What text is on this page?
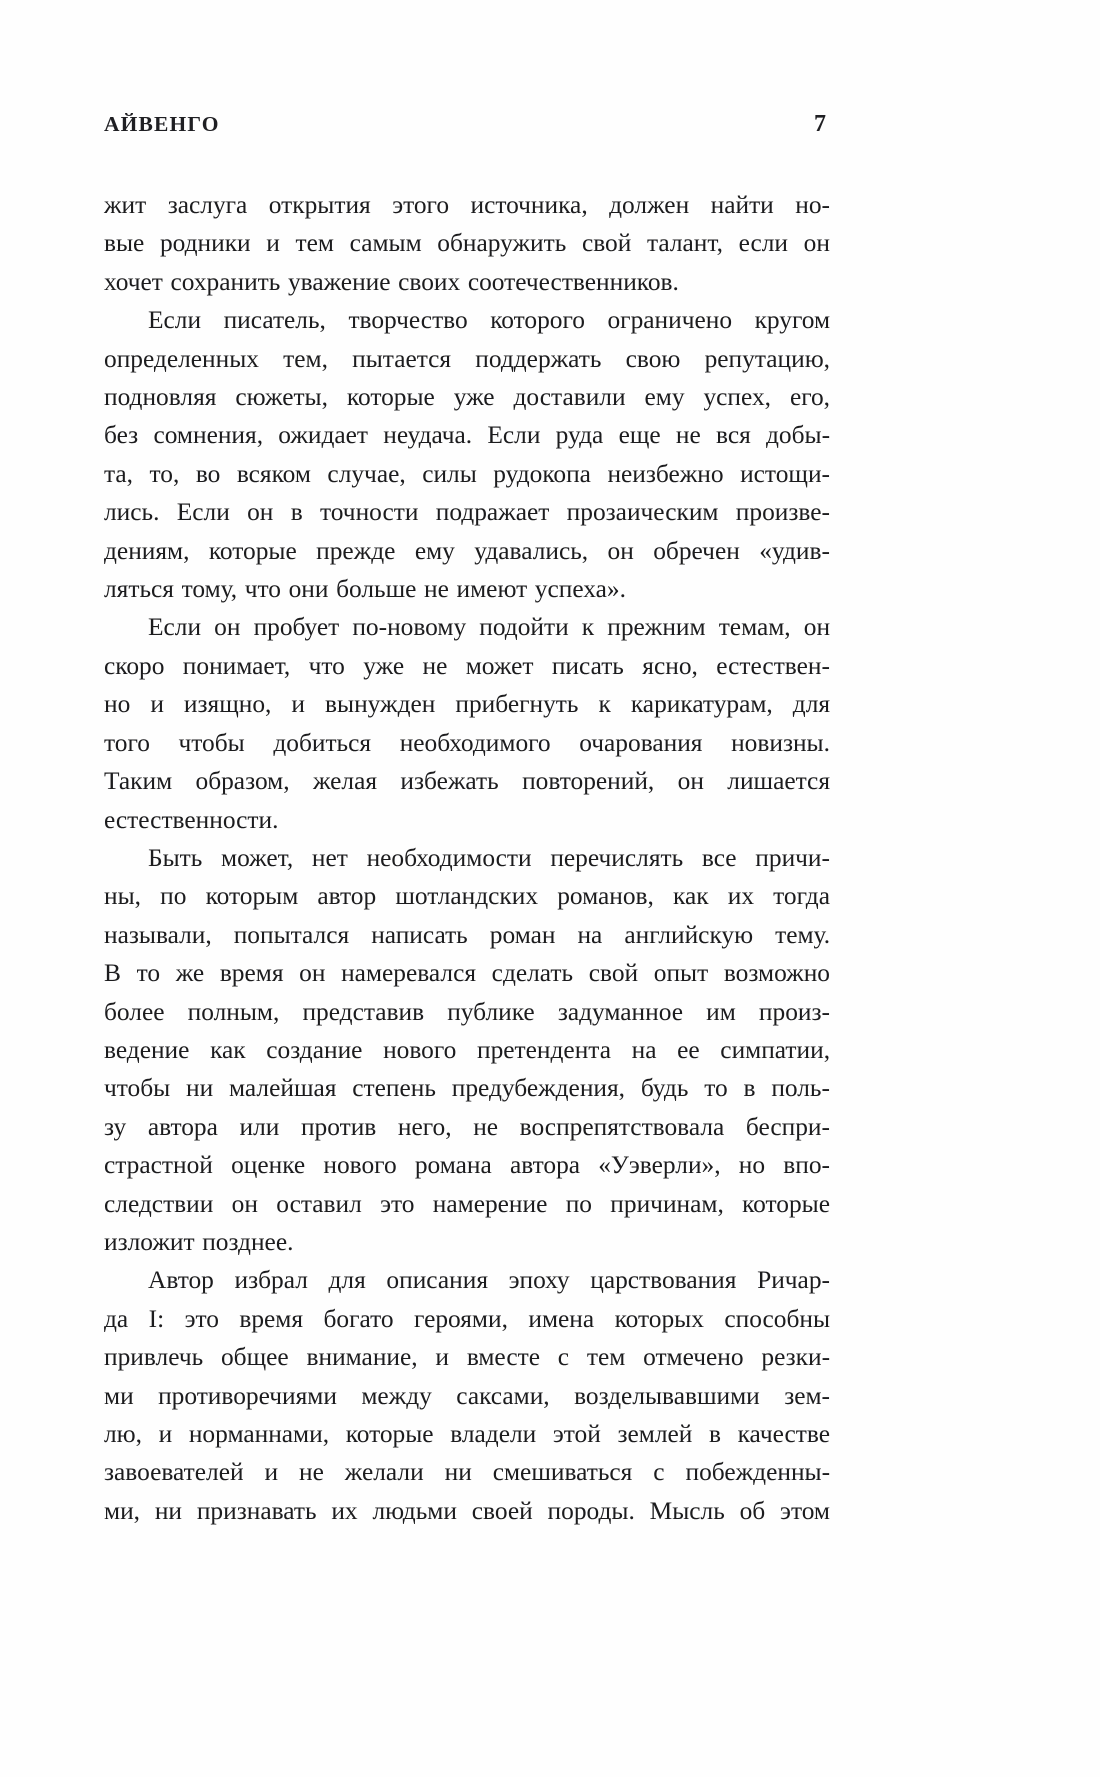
АЙВЕНГО	7

жит заслуга открытия этого источника, должен найти но-
вые родники и тем самым обнаружить свой талант, если он
хочет сохранить уважение своих соотечественников.

Если писатель, творчество которого ограничено кругом
определенных тем, пытается поддержать свою репутацию,
подновляя сюжеты, которые уже доставили ему успех, его,
без сомнения, ожидает неудача. Если руда еще не вся добы-
та, то, во всяком случае, силы рудокопа неизбежно истощи-
лись. Если он в точности подражает прозаическим произве-
дениям, которые прежде ему удавались, он обречен «удив-
ляться тому, что они больше не имеют успеха».

Если он пробует по-новому подойти к прежним темам, он
скоро понимает, что уже не может писать ясно, естествен-
но и изящно, и вынужден прибегнуть к карикатурам, для
того чтобы добиться необходимого очарования новизны.
Таким образом, желая избежать повторений, он лишается
естественности.

Быть может, нет необходимости перечислять все причи-
ны, по которым автор шотландских романов, как их тогда
называли, попытался написать роман на английскую тему.
В то же время он намеревался сделать свой опыт возможно
более полным, представив публике задуманное им произ-
ведение как создание нового претендента на ее симпатии,
чтобы ни малейшая степень предубеждения, будь то в поль-
зу автора или против него, не воспрепятствовала беспри-
страстной оценке нового романа автора «Уэверли», но впо-
следствии он оставил это намерение по причинам, которые
изложит позднее.

Автор избрал для описания эпоху царствования Ричар-
да I: это время богато героями, имена которых способны
привлечь общее внимание, и вместе с тем отмечено резки-
ми противоречиями между саксами, возделывавшими зем-
лю, и норманнами, которые владели этой землей в качестве
завоевателей и не желали ни смешиваться с побежденны-
ми, ни признавать их людьми своей породы. Мысль об этом
